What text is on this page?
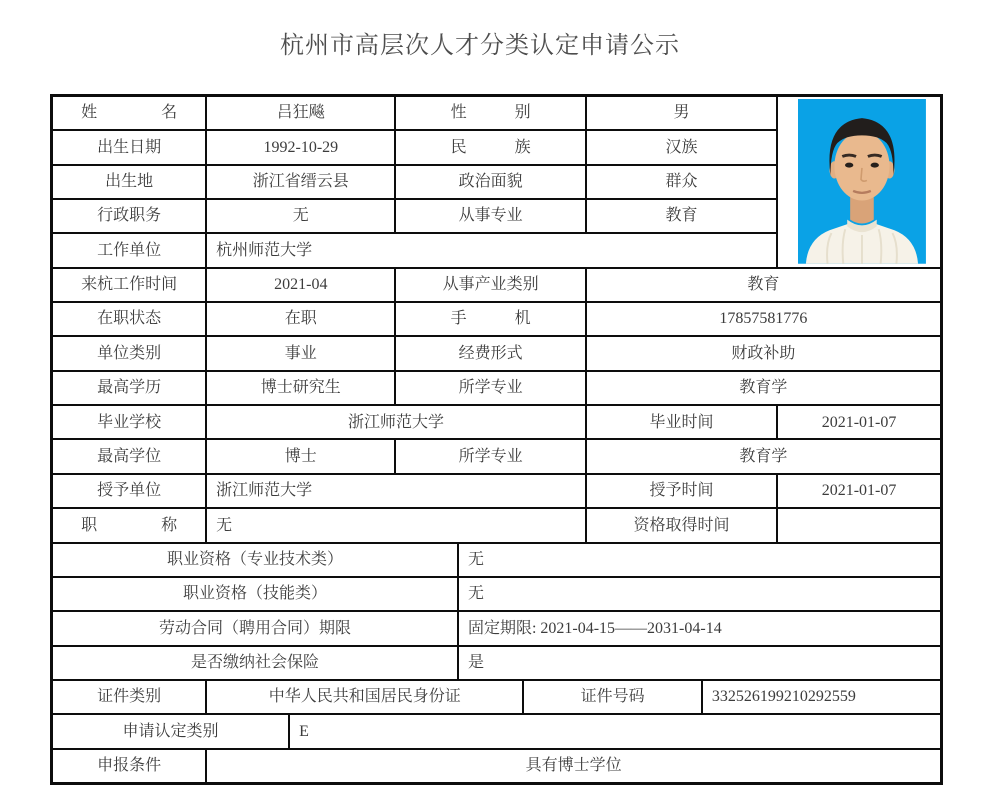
杭州市高层次人才分类认定申请公示
姓　　　　名	吕狂飚	性　　　别	男
出生日期	1992-10-29	民　　　族	汉族
出生地	浙江省缙云县	政治面貌	群众
行政职务	无	从事专业	教育
工作单位	杭州师范大学
来杭工作时间	2021-04	从事产业类别	教育
在职状态	在职	手　　　机	17857581776
单位类别	事业	经费形式	财政补助
最高学历	博士研究生	所学专业	教育学
毕业学校	浙江师范大学	毕业时间	2021-01-07
最高学位	博士	所学专业	教育学
授予单位	浙江师范大学	授予时间	2021-01-07
职　　　　称	无	资格取得时间
职业资格（专业技术类）	无
职业资格（技能类）	无
劳动合同（聘用合同）期限	固定期限: 2021-04-15——2031-04-14
是否缴纳社会保险	是
证件类别	中华人民共和国居民身份证	证件号码	332526199210292559
申请认定类别	E
申报条件	具有博士学位
